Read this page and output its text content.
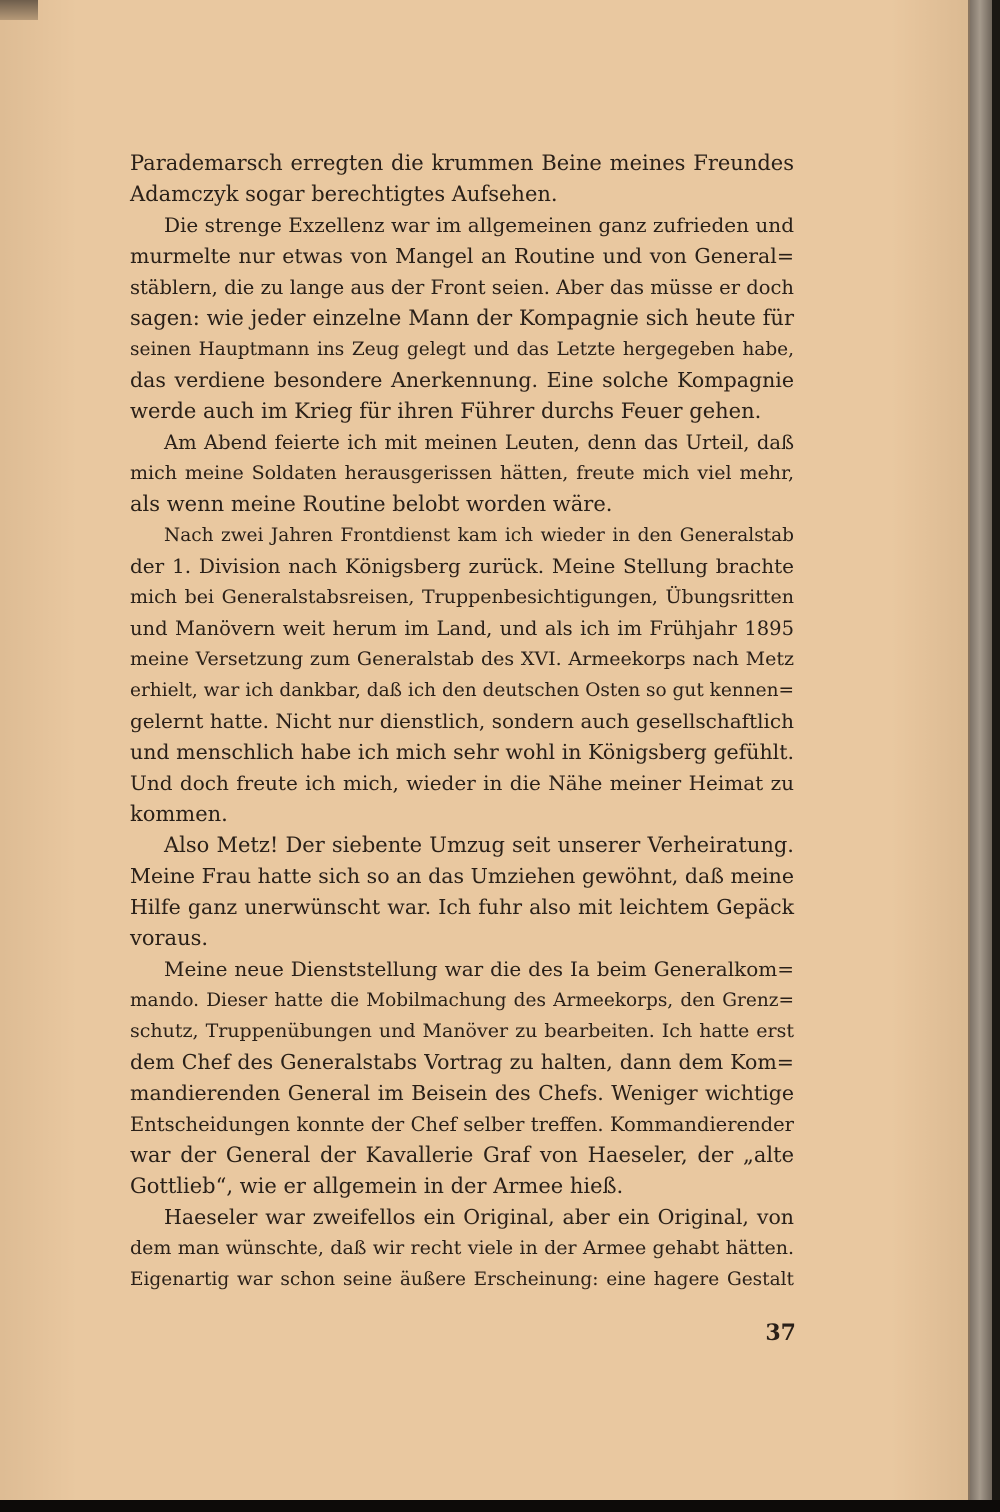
Parademarsch erregten die krummen Beine meines Freundes
Adamczyk sogar berechtigtes Aufsehen.
Die strenge Exzellenz war im allgemeinen ganz zufrieden und
murmelte nur etwas von Mangel an Routine und von General=
stäblern, die zu lange aus der Front seien. Aber das müsse er doch
sagen: wie jeder einzelne Mann der Kompagnie sich heute für
seinen Hauptmann ins Zeug gelegt und das Letzte hergegeben habe,
das verdiene besondere Anerkennung. Eine solche Kompagnie
werde auch im Krieg für ihren Führer durchs Feuer gehen.
Am Abend feierte ich mit meinen Leuten, denn das Urteil, daß
mich meine Soldaten herausgerissen hätten, freute mich viel mehr,
als wenn meine Routine belobt worden wäre.
Nach zwei Jahren Frontdienst kam ich wieder in den Generalstab
der 1. Division nach Königsberg zurück. Meine Stellung brachte
mich bei Generalstabsreisen, Truppenbesichtigungen, Übungsritten
und Manövern weit herum im Land, und als ich im Frühjahr 1895
meine Versetzung zum Generalstab des XVI. Armeekorps nach Metz
erhielt, war ich dankbar, daß ich den deutschen Osten so gut kennen=
gelernt hatte. Nicht nur dienstlich, sondern auch gesellschaftlich
und menschlich habe ich mich sehr wohl in Königsberg gefühlt.
Und doch freute ich mich, wieder in die Nähe meiner Heimat zu
kommen.
Also Metz! Der siebente Umzug seit unserer Verheiratung.
Meine Frau hatte sich so an das Umziehen gewöhnt, daß meine
Hilfe ganz unerwünscht war. Ich fuhr also mit leichtem Gepäck
voraus.
Meine neue Dienststellung war die des Ia beim Generalkom=
mando. Dieser hatte die Mobilmachung des Armeekorps, den Grenz=
schutz, Truppenübungen und Manöver zu bearbeiten. Ich hatte erst
dem Chef des Generalstabs Vortrag zu halten, dann dem Kom=
mandierenden General im Beisein des Chefs. Weniger wichtige
Entscheidungen konnte der Chef selber treffen. Kommandierender
war der General der Kavallerie Graf von Haeseler, der „alte
Gottlieb“, wie er allgemein in der Armee hieß.
Haeseler war zweifellos ein Original, aber ein Original, von
dem man wünschte, daß wir recht viele in der Armee gehabt hätten.
Eigenartig war schon seine äußere Erscheinung: eine hagere Gestalt
37
